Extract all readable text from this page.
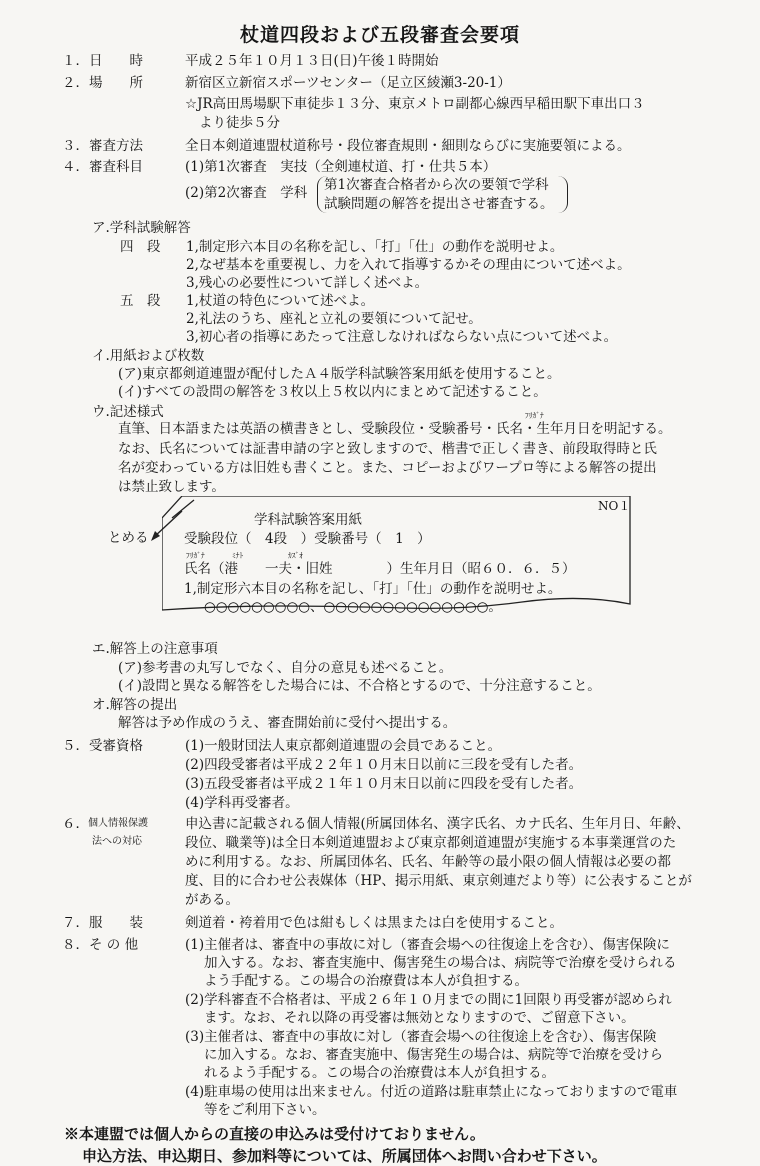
杖道四段および五段審査会要項
１．日　　時	平成２５年１０月１３日(日)午後１時開始
２．場　　所	新宿区立新宿スポーツセンター（足立区綾瀬3-20-1）
☆JR高田馬場駅下車徒歩１３分、東京メトロ副都心線西早稲田駅下車出口３
より徒歩５分
３．審査方法	全日本剣道連盟杖道称号・段位審査規則・細則ならびに実施要領による。
４．審査科目	(1)第1次審査　実技（全剣連杖道、打・仕共５本）
(2)第2次審査　学科 第1次審査合格者から次の要領で学科
試験問題の解答を提出させ審査する。
ア.学科試験解答
四　段 1,制定形六本目の名称を記し、「打」「仕」の動作を説明せよ。
2,なぜ基本を重要視し、力を入れて指導するかその理由について述べよ。
3,残心の必要性について詳しく述べよ。
五　段 1,杖道の特色について述べよ。
2,礼法のうち、座礼と立礼の要領について記せ。
3,初心者の指導にあたって注意しなければならない点について述べよ。
イ.用紙および枚数
(ア)東京都剣道連盟が配付したＡ４版学科試験答案用紙を使用すること。
(イ)すべての設問の解答を３枚以上５枚以内にまとめて記述すること。
ウ.記述様式	ﾌﾘｶﾞﾅ
直筆、日本語または英語の横書きとし、受験段位・受験番号・氏名・生年月日を明記する。
なお、氏名については証書申請の字と致しますので、楷書で正しく書き、前段取得時と氏
名が変わっている方は旧姓も書くこと。また、コピーおよびワープロ等による解答の提出
は禁止致します。
とめる
NO１
学科試験答案用紙
受験段位（　4段　）受験番号（　1　）
ﾌﾘｶﾞﾅ	ﾐﾅﾄ	ｶｽﾞｵ
氏名（港　　一夫・旧姓　　　　）生年月日（昭６０．６．５）
1,制定形六本目の名称を記し、「打」「仕」の動作を説明せよ。
○○○○○○○○○、○○○○○○○○○○○○○○。
エ.解答上の注意事項
(ア)参考書の丸写しでなく、自分の意見も述べること。
(イ)設問と異なる解答をした場合には、不合格とするので、十分注意すること。
オ.解答の提出
解答は予め作成のうえ、審査開始前に受付へ提出する。
５．受審資格	(1)一般財団法人東京都剣道連盟の会員であること。
(2)四段受審者は平成２２年１０月末日以前に三段を受有した者。
(3)五段受審者は平成２１年１０月末日以前に四段を受有した者。
(4)学科再受審者。
６． 個人情報保護
法への対応
申込書に記載される個人情報(所属団体名、漢字氏名、カナ氏名、生年月日、年齢、
段位、職業等)は全日本剣道連盟および東京都剣道連盟が実施する本事業運営のた
めに利用する。なお、所属団体名、氏名、年齢等の最小限の個人情報は必要の都
度、目的に合わせ公表媒体（HP、掲示用紙、東京剣連だより等）に公表することが
がある。
７．服　　装	剣道着・袴着用で色は紺もしくは黒または白を使用すること。
８．そ の 他	(1)主催者は、審査中の事故に対し（審査会場への往復途上を含む）、傷害保険に
加入する。なお、審査実施中、傷害発生の場合は、病院等で治療を受けられる
よう手配する。この場合の治療費は本人が負担する。
(2)学科審査不合格者は、平成２６年１０月までの間に1回限り再受審が認められ
ます。なお、それ以降の再受審は無効となりますので、ご留意下さい。
(3)主催者は、審査中の事故に対し（審査会場への往復途上を含む）、傷害保険
に加入する。なお、審査実施中、傷害発生の場合は、病院等で治療を受けら
れるよう手配する。この場合の治療費は本人が負担する。
(4)駐車場の使用は出来ません。付近の道路は駐車禁止になっておりますので電車
等をご利用下さい。
※本連盟では個人からの直接の申込みは受付けておりません。
申込方法、申込期日、参加料等については、所属団体へお問い合わせ下さい。
